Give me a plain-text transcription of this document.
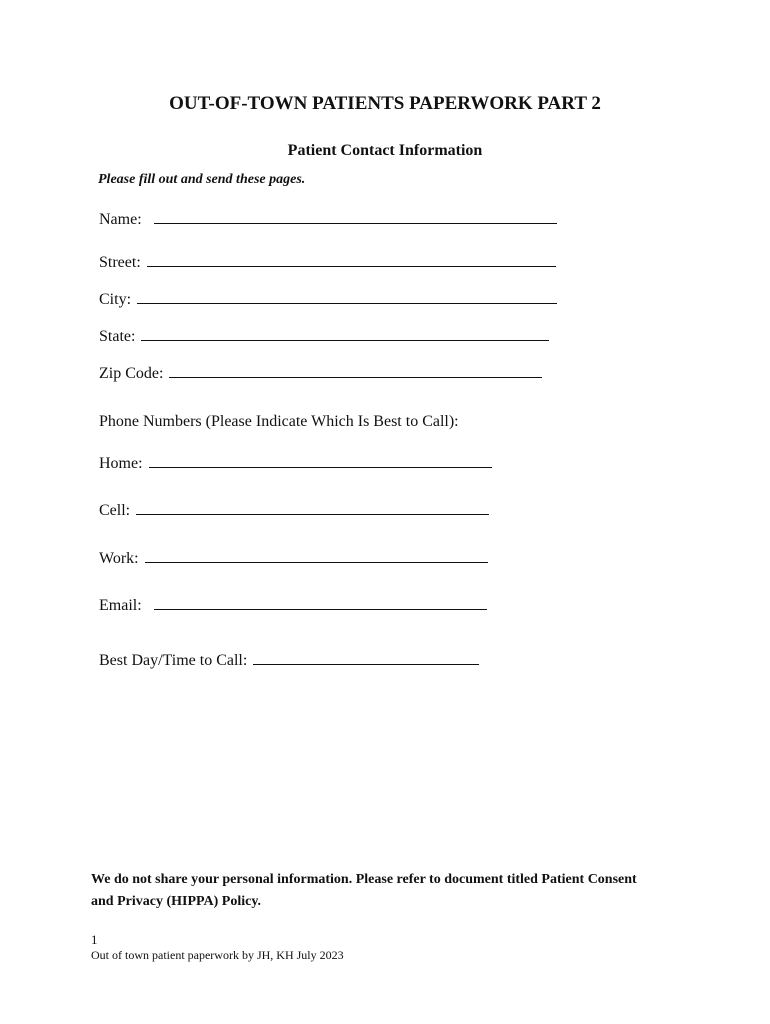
OUT-OF-TOWN PATIENTS PAPERWORK PART 2
Patient Contact Information

Please fill out and send these pages.

Name:

Street:

City:

State:

Zip Code:

Phone Numbers (Please Indicate Which Is Best to Call):

Home:

Cell:

Work:

Email:

Best Day/Time to Call:

We do not share your personal information. Please refer to document titled Patient Consent and Privacy (HIPPA) Policy.

1

Out of town patient paperwork by JH, KH July 2023
